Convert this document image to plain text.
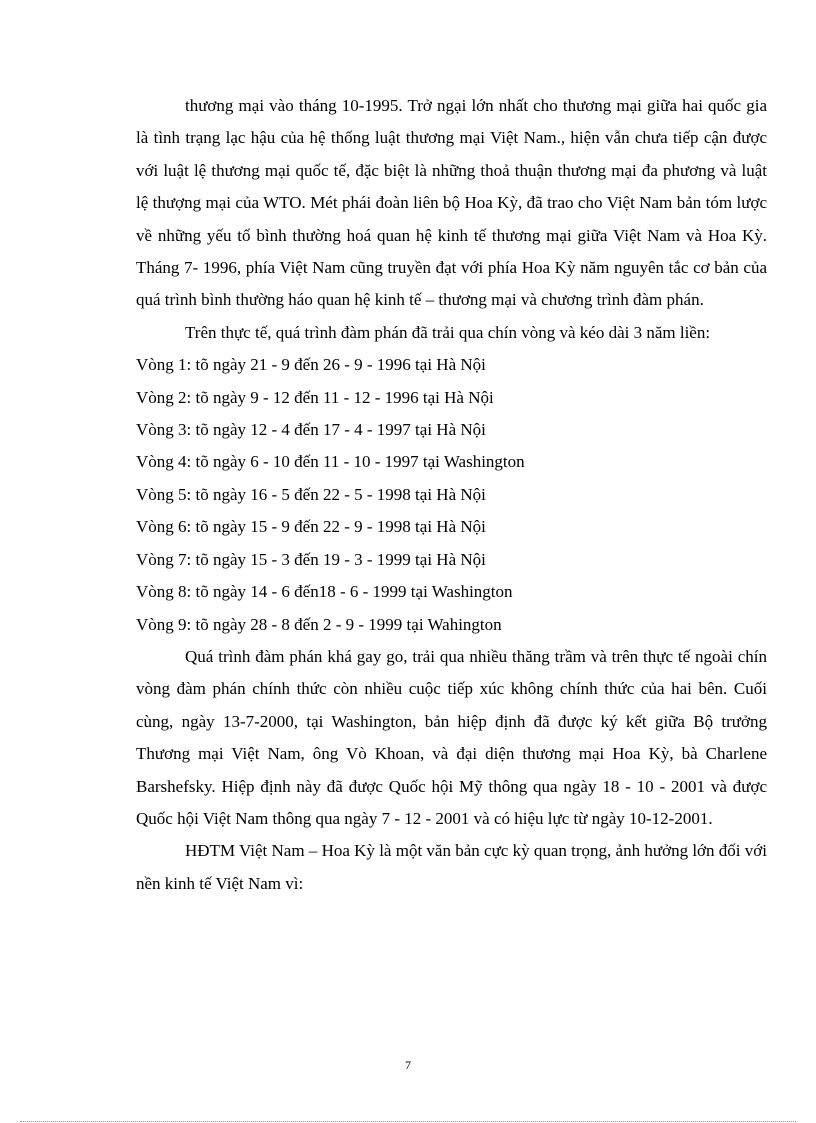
thương mại vào tháng 10-1995. Trở ngại lớn nhất cho thương mại giữa hai quốc gia là tình trạng lạc hậu của hệ thống luật thương mại Việt Nam., hiện vẫn chưa tiếp cận được với luật lệ thương mại quốc tế, đặc biệt là những thoả thuận thương mại đa phương và luật lệ thượng mại của WTO. Mét phái đoàn liên bộ Hoa Kỳ, đã trao cho Việt Nam bản tóm lược về những yếu tố bình thường hoá quan hệ kinh tế thương mại giữa Việt Nam và Hoa Kỳ. Tháng 7- 1996, phía Việt Nam cũng truyền đạt với phía Hoa Kỳ năm nguyên tắc cơ bản của quá trình bình thường háo quan hệ kinh tế – thương mại và chương trình đàm phán.

Trên thực tế, quá trình đàm phán đã trải qua chín vòng và kéo dài 3 năm liền:

Vòng 1: tõ ngày 21 - 9 đến 26 - 9 - 1996 tại Hà Nội

Vòng 2: tõ ngày 9 - 12 đến 11 - 12 - 1996 tại Hà Nội

Vòng 3: tõ ngày 12 - 4 đến 17 - 4 - 1997 tại Hà Nội

Vòng 4: tõ ngày 6 - 10 đến 11 - 10 - 1997 tại Washington

Vòng 5: tõ ngày 16 - 5 đến 22 - 5 - 1998 tại Hà Nội

Vòng 6: tõ ngày 15 - 9 đến 22 - 9 - 1998 tại Hà Nội

Vòng 7: tõ ngày 15 - 3 đến 19 - 3 - 1999 tại Hà Nội

Vòng 8: tõ ngày 14 - 6 đến18 - 6 - 1999 tại Washington

Vòng 9: tõ ngày 28 - 8 đến 2 - 9 - 1999 tại Wahington

Quá trình đàm phán khá gay go, trải qua nhiều thăng trầm và trên thực tế ngoài chín vòng đàm phán chính thức còn nhiều cuộc tiếp xúc không chính thức của hai bên. Cuối cùng, ngày 13-7-2000, tại Washington, bản hiệp định đã được ký kết giữa Bộ trưởng Thương mại Việt Nam, ông Vò Khoan, và đại diện thương mại Hoa Kỳ, bà Charlene Barshefsky. Hiệp định này đã được Quốc hội Mỹ thông qua ngày 18 - 10 - 2001 và được Quốc hội Việt Nam thông qua ngày 7 - 12 - 2001 và có hiệu lực từ ngày 10-12-2001.

HĐTM Việt Nam – Hoa Kỳ là một văn bản cực kỳ quan trọng, ảnh hưởng lớn đối với nền kinh tế Việt Nam vì:

7
